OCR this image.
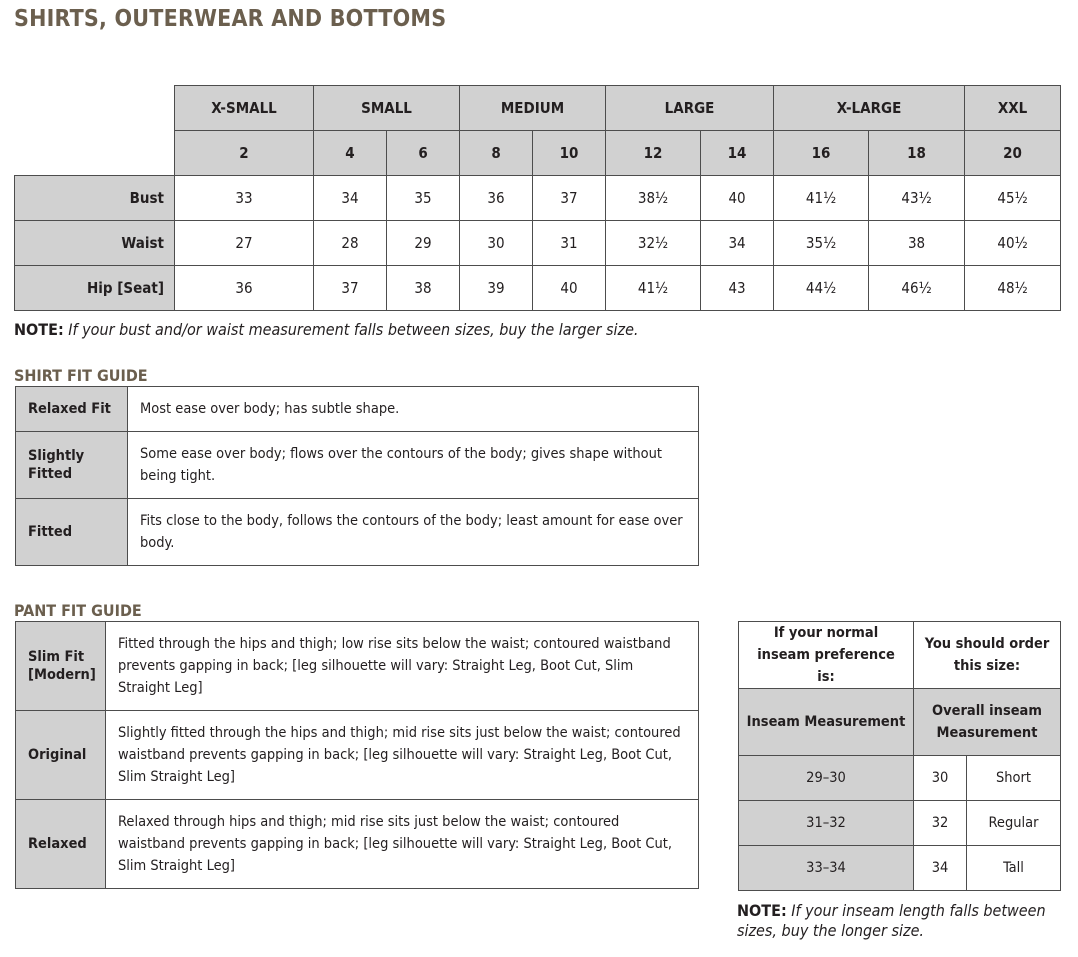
SHIRTS, OUTERWEAR AND BOTTOMS
	X-SMALL	SMALL		MEDIUM		LARGE		X-LARGE		XXL
	2	4	6	8	10	12	14	16	18	20
Bust	33	34	35	36	37	38½	40	41½	43½	45½
Waist	27	28	29	30	31	32½	34	35½	38	40½
Hip [Seat]	36	37	38	39	40	41½	43	44½	46½	48½
NOTE: If your bust and/or waist measurement falls between sizes, buy the larger size.
SHIRT FIT GUIDE
Relaxed Fit	Most ease over body; has subtle shape.
Slightly Fitted	Some ease over body; flows over the contours of the body; gives shape without being tight.
Fitted	Fits close to the body, follows the contours of the body; least amount for ease over body.
PANT FIT GUIDE
Slim Fit [Modern]	Fitted through the hips and thigh; low rise sits below the waist; contoured waistband prevents gapping in back; [leg silhouette will vary: Straight Leg, Boot Cut, Slim Straight Leg]
Original	Slightly fitted through the hips and thigh; mid rise sits just below the waist; contoured waistband prevents gapping in back; [leg silhouette will vary: Straight Leg, Boot Cut, Slim Straight Leg]
Relaxed	Relaxed through hips and thigh; mid rise sits just below the waist; contoured waistband prevents gapping in back; [leg silhouette will vary: Straight Leg, Boot Cut, Slim Straight Leg]
If your normal inseam preference is:	You should order this size:	
Inseam Measurement	Overall inseam Measurement	
29–30	30	Short
31–32	32	Regular
33–34	34	Tall
NOTE: If your inseam length falls between sizes, buy the longer size.
